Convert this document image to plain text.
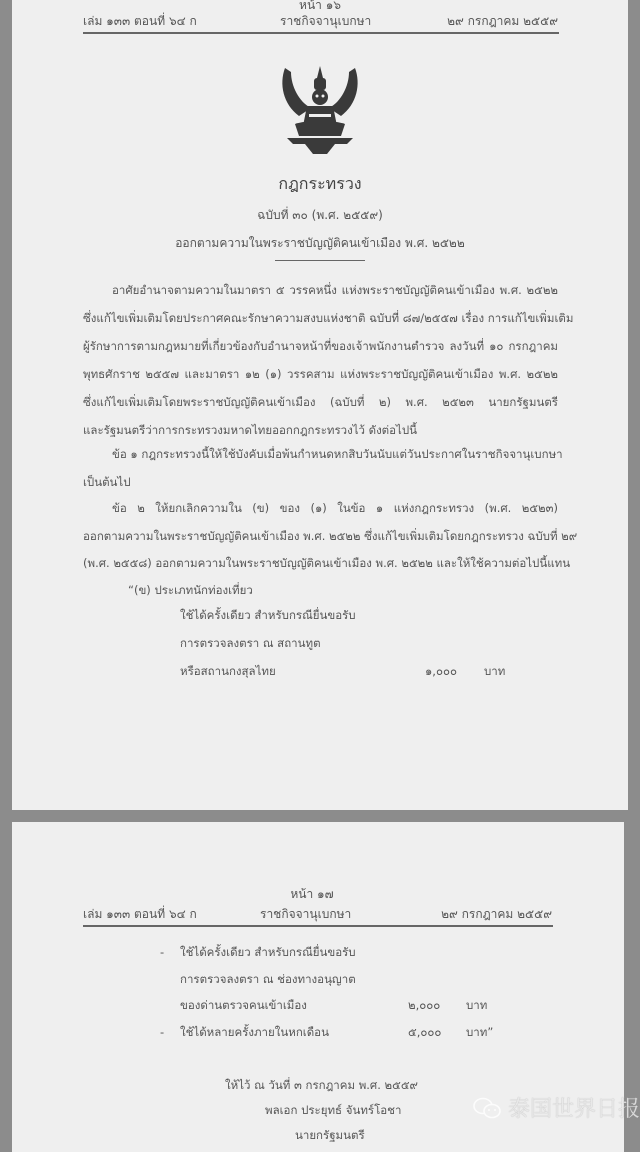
หน้า ๑๖
เล่ม ๑๓๓ ตอนที่ ๖๔ ก	ราชกิจจานุเบกษา	๒๙ กรกฎาคม ๒๕๕๙
กฎกระทรวง
ฉบับที่ ๓๐ (พ.ศ. ๒๕๕๙)
ออกตามความในพระราชบัญญัติคนเข้าเมือง พ.ศ. ๒๕๒๒
อาศัยอำนาจตามความในมาตรา ๕ วรรคหนึ่ง แห่งพระราชบัญญัติคนเข้าเมือง พ.ศ. ๒๕๒๒
ซึ่งแก้ไขเพิ่มเติมโดยประกาศคณะรักษาความสงบแห่งชาติ ฉบับที่ ๘๗/๒๕๕๗ เรื่อง การแก้ไขเพิ่มเติม
ผู้รักษาการตามกฎหมายที่เกี่ยวข้องกับอำนาจหน้าที่ของเจ้าพนักงานตำรวจ ลงวันที่ ๑๐ กรกฎาคม
พุทธศักราช ๒๕๕๗ และมาตรา ๑๒ (๑) วรรคสาม แห่งพระราชบัญญัติคนเข้าเมือง พ.ศ. ๒๕๒๒
ซึ่งแก้ไขเพิ่มเติมโดยพระราชบัญญัติคนเข้าเมือง (ฉบับที่ ๒) พ.ศ. ๒๕๒๓ นายกรัฐมนตรี
และรัฐมนตรีว่าการกระทรวงมหาดไทยออกกฎกระทรวงไว้ ดังต่อไปนี้
ข้อ ๑ กฎกระทรวงนี้ให้ใช้บังคับเมื่อพ้นกำหนดหกสิบวันนับแต่วันประกาศในราชกิจจานุเบกษา
เป็นต้นไป
ข้อ ๒ ให้ยกเลิกความใน (ข) ของ (๑) ในข้อ ๑ แห่งกฎกระทรวง (พ.ศ. ๒๕๒๓)
ออกตามความในพระราชบัญญัติคนเข้าเมือง พ.ศ. ๒๕๒๒ ซึ่งแก้ไขเพิ่มเติมโดยกฎกระทรวง ฉบับที่ ๒๙
(พ.ศ. ๒๕๕๘) ออกตามความในพระราชบัญญัติคนเข้าเมือง พ.ศ. ๒๕๒๒ และให้ใช้ความต่อไปนี้แทน
“(ข) ประเภทนักท่องเที่ยว
ใช้ได้ครั้งเดียว สำหรับกรณียื่นขอรับ
การตรวจลงตรา ณ สถานทูต
หรือสถานกงสุลไทย	๑,๐๐๐ บาท
หน้า ๑๗
เล่ม ๑๓๓ ตอนที่ ๖๔ ก	ราชกิจจานุเบกษา	๒๙ กรกฎาคม ๒๕๕๙
- ใช้ได้ครั้งเดียว สำหรับกรณียื่นขอรับ
การตรวจลงตรา ณ ช่องทางอนุญาต
ของด่านตรวจคนเข้าเมือง	๒,๐๐๐ บาท
- ใช้ได้หลายครั้งภายในหกเดือน	๕,๐๐๐ บาท”
ให้ไว้ ณ วันที่ ๓ กรกฎาคม พ.ศ. ๒๕๕๙
พลเอก ประยุทธ์ จันทร์โอชา
นายกรัฐมนตรี
泰国世界日报
